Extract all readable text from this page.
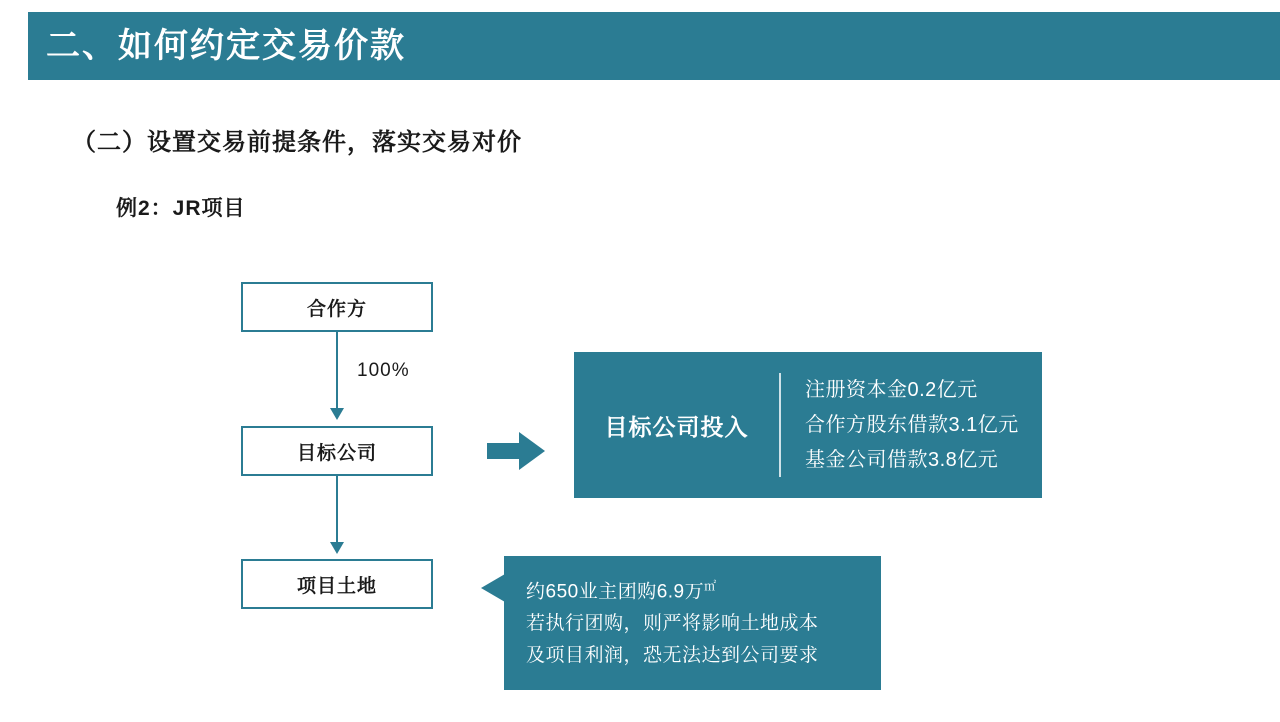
二、如何约定交易价款
（二）设置交易前提条件，落实交易对价
例2：JR项目
合作方
目标公司
项目土地
100%
目标公司投入
注册资本金0.2亿元
合作方股东借款3.1亿元
基金公司借款3.8亿元
约650业主团购6.9万㎡
若执行团购，则严将影响土地成本
及项目利润，恐无法达到公司要求
